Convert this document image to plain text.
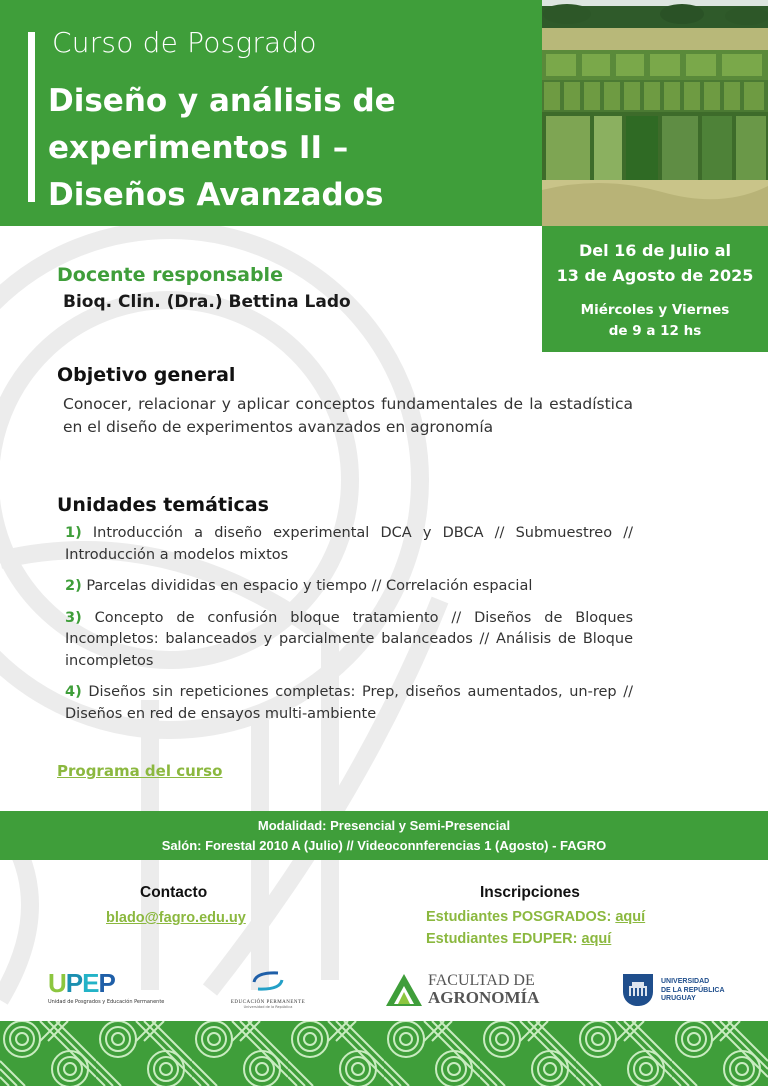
Curso de Posgrado
Diseño y análisis de
experimentos II –
Diseños Avanzados
Del 16 de Julio al
13 de Agosto de 2025
Miércoles y Viernes
de 9 a 12 hs
Docente responsable
Bioq. Clin. (Dra.) Bettina Lado
Objetivo general
Conocer, relacionar y aplicar conceptos fundamentales de la estadística en el diseño de experimentos avanzados en agronomía
Unidades temáticas
1) Introducción a diseño experimental DCA y DBCA // Submuestreo // Introducción a modelos mixtos
2) Parcelas divididas en espacio y tiempo // Correlación espacial
3) Concepto de confusión bloque tratamiento // Diseños de Bloques Incompletos: balanceados y parcialmente balanceados // Análisis de Bloque incompletos
4) Diseños sin repeticiones completas: Prep, diseños aumentados, un-rep // Diseños en red de ensayos multi-ambiente
Programa del curso
Modalidad: Presencial y Semi-Presencial
Salón: Forestal 2010 A (Julio) // Videoconnferencias 1 (Agosto) - FAGRO
Contacto
blado@fagro.edu.uy
Inscripciones
Estudiantes POSGRADOS: aquí
Estudiantes EDUPER: aquí
UPEP
Unidad de Posgrados y Educación Permanente	EDUCACIÓN PERMANENTE
Universidad de la República
FACULTAD DE
AGRONOMÍA
UNIVERSIDAD
DE LA REPÚBLICA
URUGUAY
